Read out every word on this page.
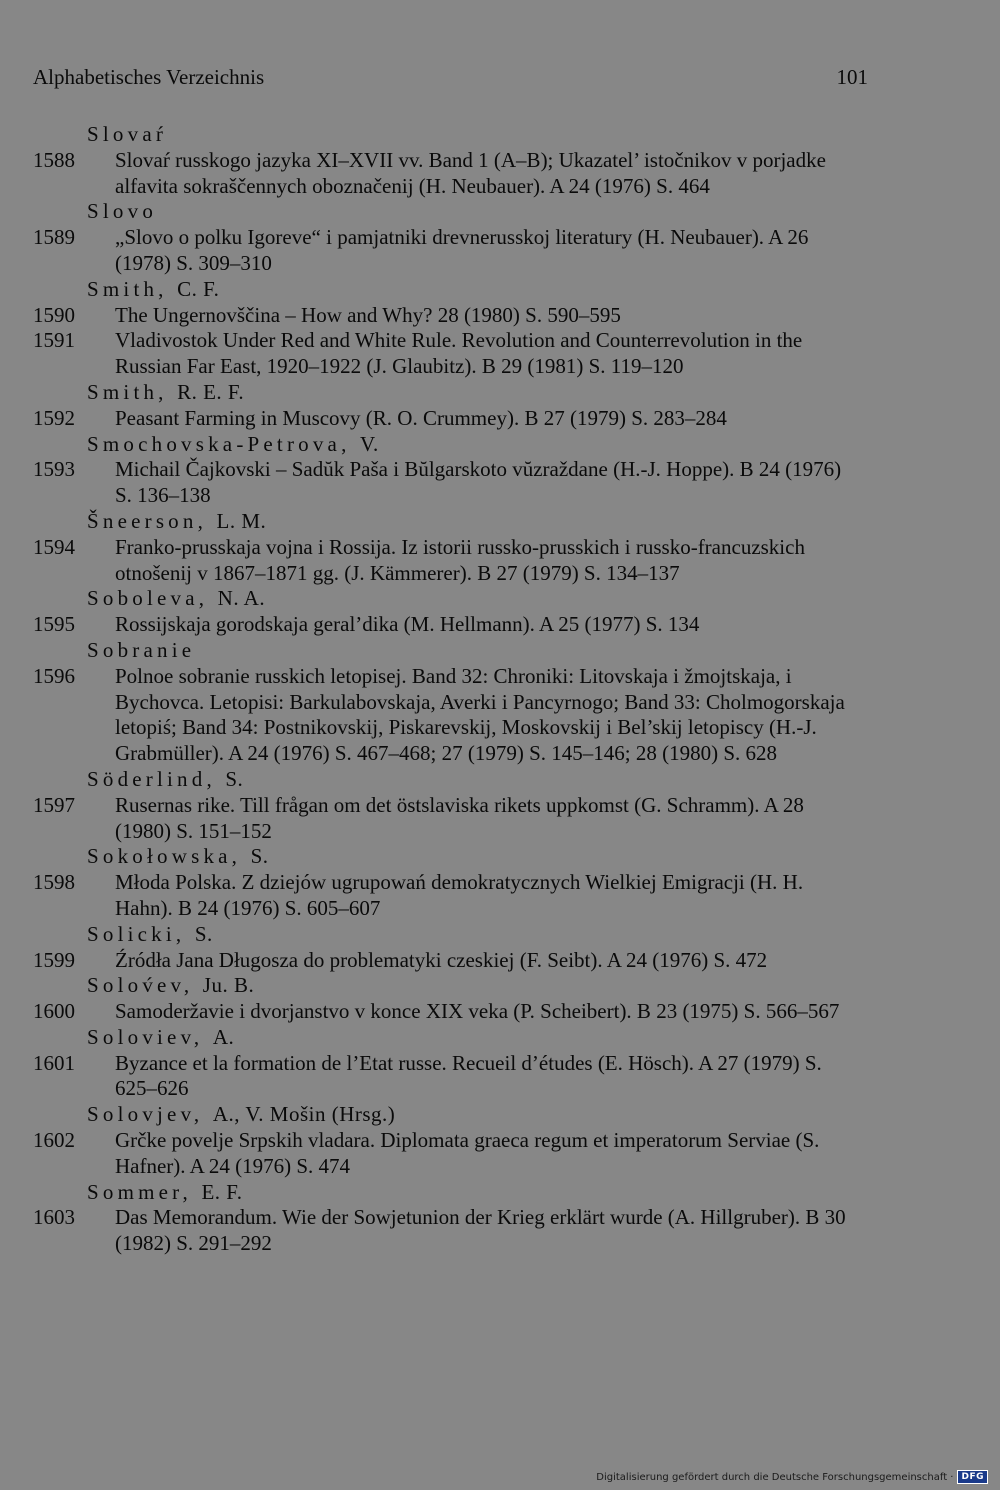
Alphabetisches Verzeichnis	101
Slovaŕ
1588 Slovaŕ russkogo jazyka XI–XVII vv. Band 1 (A–B); Ukazatel’ istočnikov v porjadke alfavita sokraščennych oboznačenij (H. Neubauer). A 24 (1976) S. 464
Slovo
1589 „Slovo o polku Igoreve“ i pamjatniki drevnerusskoj literatury (H. Neubauer). A 26 (1978) S. 309–310
Smith, C. F.
1590 The Ungernovščina – How and Why? 28 (1980) S. 590–595
1591 Vladivostok Under Red and White Rule. Revolution and Counterrevolution in the Russian Far East, 1920–1922 (J. Glaubitz). B 29 (1981) S. 119–120
Smith, R. E. F.
1592 Peasant Farming in Muscovy (R. O. Crummey). B 27 (1979) S. 283–284
Smochovska-Petrova, V.
1593 Michail Čajkovski – Sadŭk Paša i Bŭlgarskoto vŭzraždane (H.-J. Hoppe). B 24 (1976) S. 136–138
Šneerson, L. M.
1594 Franko-prusskaja vojna i Rossija. Iz istorii russko-prusskich i russko-francuzskich otnošenij v 1867–1871 gg. (J. Kämmerer). B 27 (1979) S. 134–137
Soboleva, N. A.
1595 Rossijskaja gorodskaja geral’dika (M. Hellmann). A 25 (1977) S. 134
Sobranie
1596 Polnoe sobranie russkich letopisej. Band 32: Chroniki: Litovskaja i žmojtskaja, i Bychovca. Letopisi: Barkulabovskaja, Averki i Pancyrnogo; Band 33: Cholmogorskaja letopiś; Band 34: Postnikovskij, Piskarevskij, Moskovskij i Bel’skij letopiscy (H.-J. Grabmüller). A 24 (1976) S. 467–468; 27 (1979) S. 145–146; 28 (1980) S. 628
Söderlind, S.
1597 Rusernas rike. Till frågan om det östslaviska rikets uppkomst (G. Schramm). A 28 (1980) S. 151–152
Sokołowska, S.
1598 Młoda Polska. Z dziejów ugrupowań demokratycznych Wielkiej Emigracji (H. H. Hahn). B 24 (1976) S. 605–607
Solicki, S.
1599 Źródła Jana Długosza do problematyki czeskiej (F. Seibt). A 24 (1976) S. 472
Solov́ev, Ju. B.
1600 Samoderžavie i dvorjanstvo v konce XIX veka (P. Scheibert). B 23 (1975) S. 566–567
Soloviev, A.
1601 Byzance et la formation de l’Etat russe. Recueil d’études (E. Hösch). A 27 (1979) S. 625–626
Solovjev, A., V. Mošin (Hrsg.)
1602 Grčke povelje Srpskih vladara. Diplomata graeca regum et imperatorum Serviae (S. Hafner). A 24 (1976) S. 474
Sommer, E. F.
1603 Das Memorandum. Wie der Sowjetunion der Krieg erklärt wurde (A. Hillgruber). B 30 (1982) S. 291–292
Digitalisierung gefördert durch die Deutsche Forschungsgemeinschaft · DFG
